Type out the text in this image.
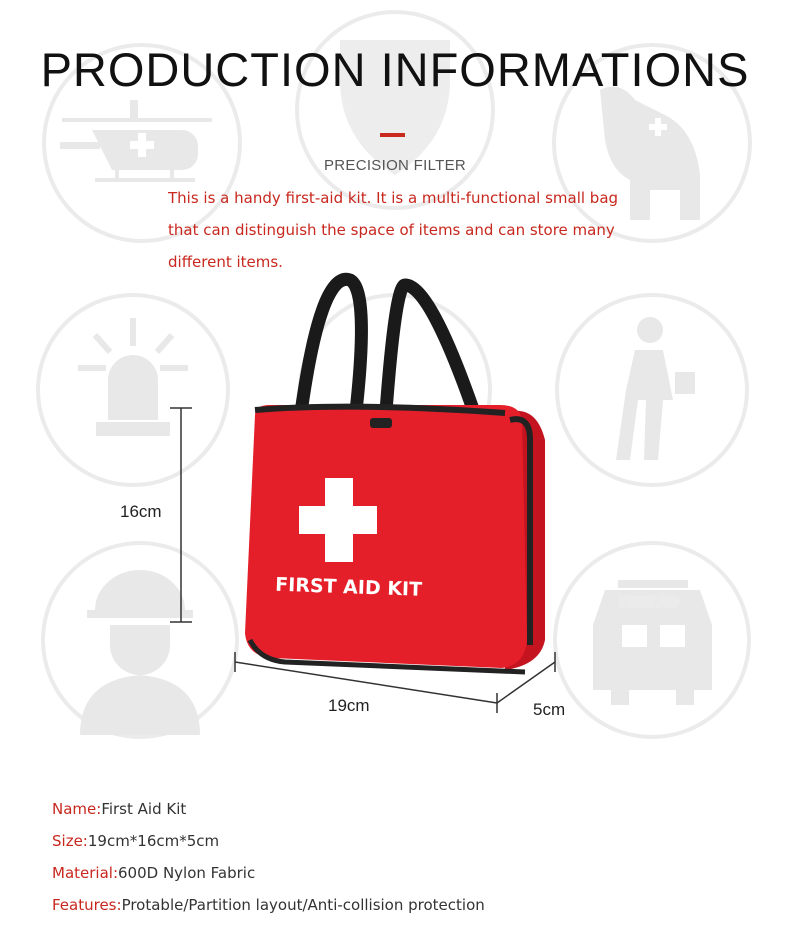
FIRST AID
FIRST AID KIT
PRODUCTION INFORMATIONS
PRECISION FILTER
This is a handy first-aid kit. It is a multi-functional small bag that can distinguish the space of items and can store many different items.
16cm
19cm	5cm
Name:First Aid Kit
Size:19cm*16cm*5cm
Material:600D Nylon Fabric
Features:Protable/Partition layout/Anti-collision protection
